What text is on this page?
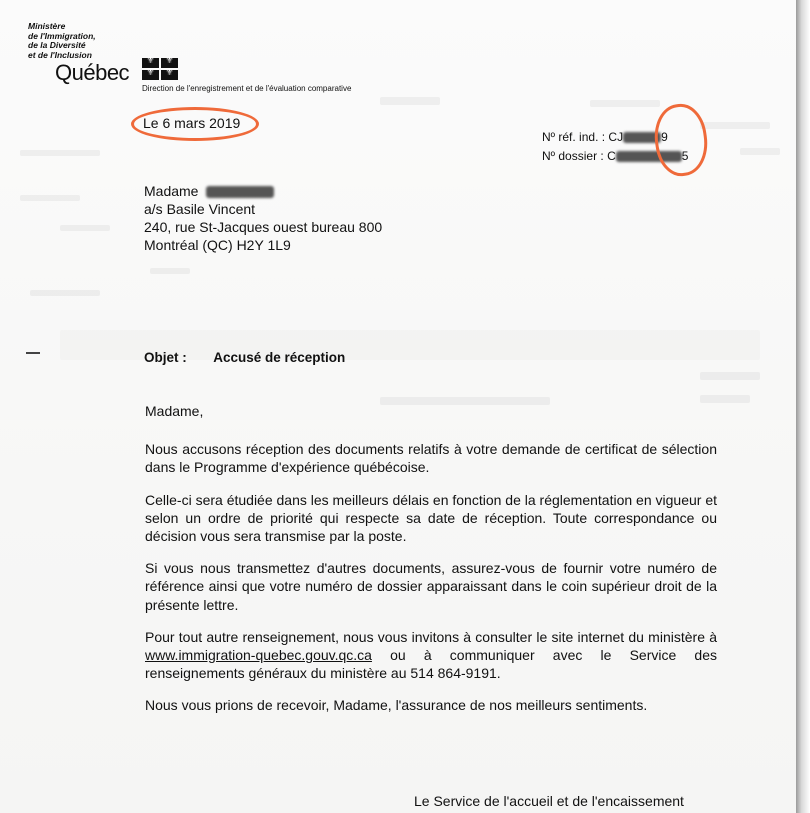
Ministère
de l'Immigration,
de la Diversité
et de l'Inclusion
Québec
⚜
⚜
⚜
⚜
Direction de l'enregistrement et de l'évaluation comparative
Le 6 mars 2019
Nº réf. ind. : CJ	9
Nº dossier : C	5
Madame
a/s Basile Vincent
240, rue St-Jacques ouest bureau 800
Montréal (QC) H2Y 1L9
Objet : Accusé de réception

Madame,

Nous accusons réception des documents relatifs à votre demande de certificat de sélection dans le Programme d'expérience québécoise.

Celle-ci sera étudiée dans les meilleurs délais en fonction de la réglementation en vigueur et selon un ordre de priorité qui respecte sa date de réception. Toute correspondance ou décision vous sera transmise par la poste.

Si vous nous transmettez d'autres documents, assurez-vous de fournir votre numéro de référence ainsi que votre numéro de dossier apparaissant dans le coin supérieur droit de la présente lettre.

Pour tout autre renseignement, nous vous invitons à consulter le site internet du ministère à www.immigration-quebec.gouv.qc.ca ou à communiquer avec le Service des renseignements généraux du ministère au 514 864-9191.

Nous vous prions de recevoir, Madame, l'assurance de nos meilleurs sentiments.

Le Service de l'accueil et de l'encaissement
